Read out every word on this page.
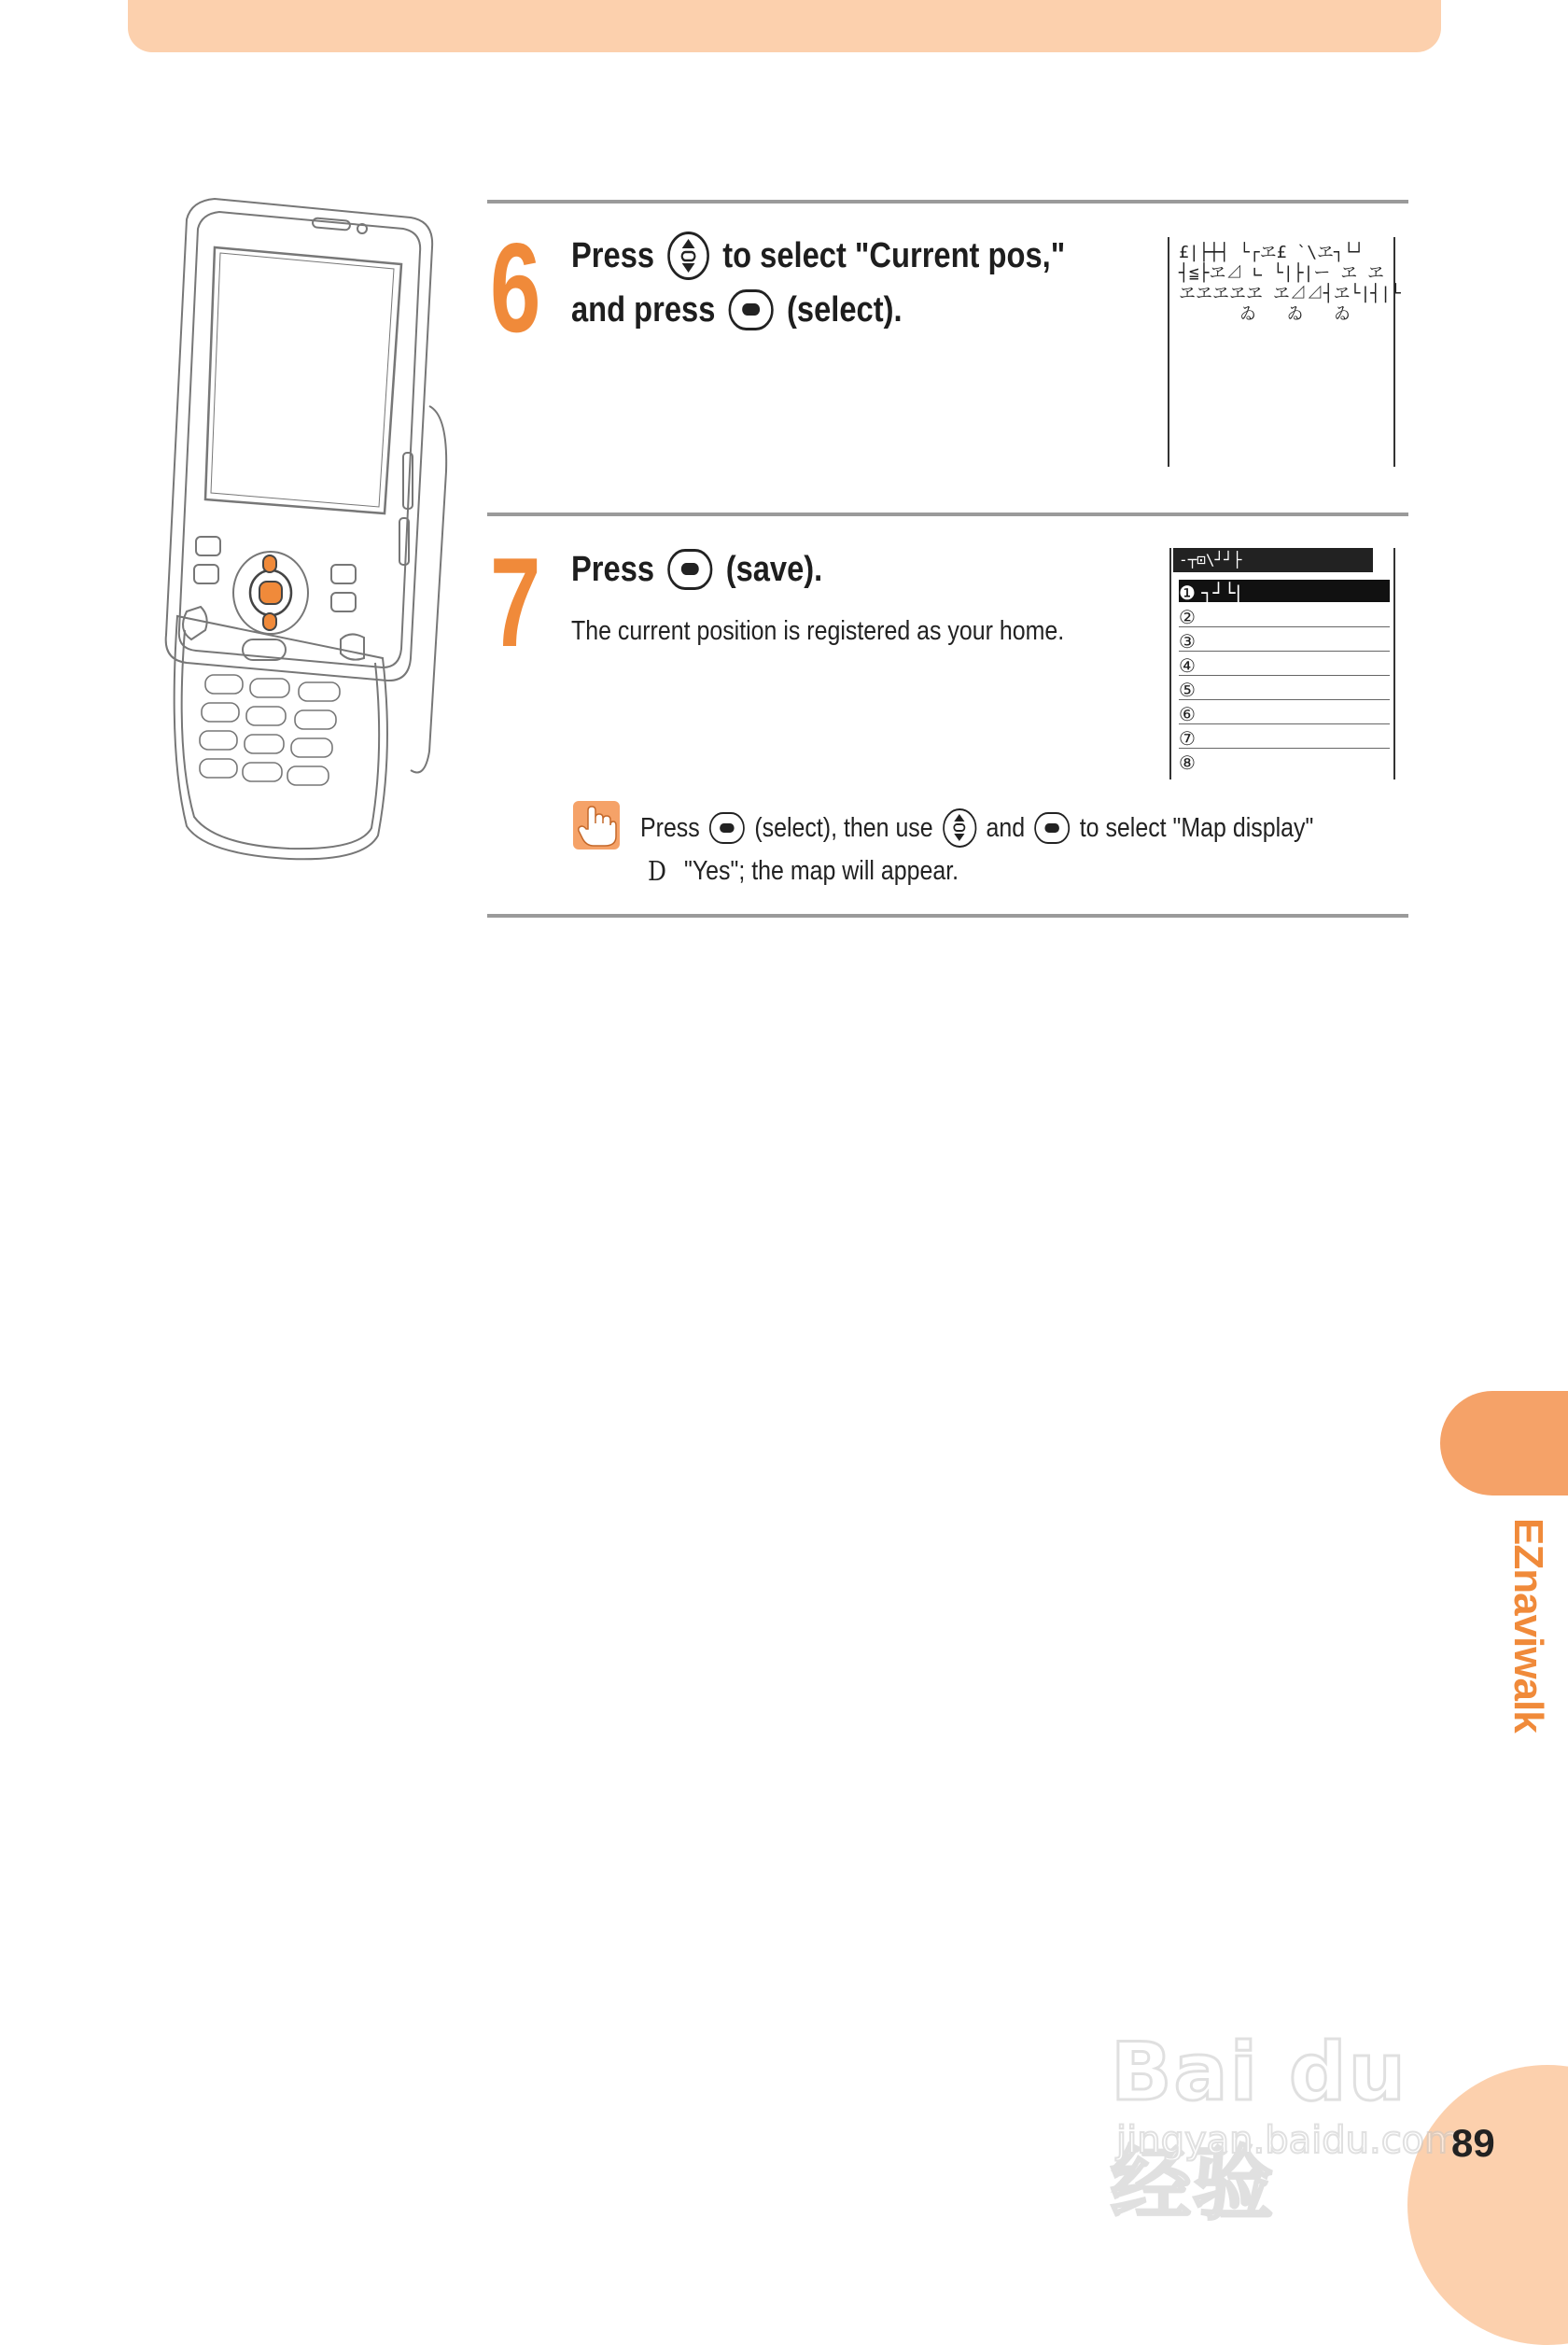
6 Press to select "Current pos,"
and press (select).
£|├┼┤ └┌ヱ£ `\ヱ┐└┘
┤≦├ヱ⊿ ∟ └|├|ー ヱ ヱ
ヱヱヱヱヱ ヱ⊿⊿┤ヱ└|┤|└
ゐ   ゐ   ゐ
7 Press (save).
The current position is registered as your home.
-┬⊡\┘┘├
❶ ┐┘└|
②
③
④
⑤
⑥
⑦
⑧
Press (select), then use and to select "Map display"
D "Yes"; the map will appear.
EZnaviwalk
Bai du 经验
jingyan.baidu.com
89
